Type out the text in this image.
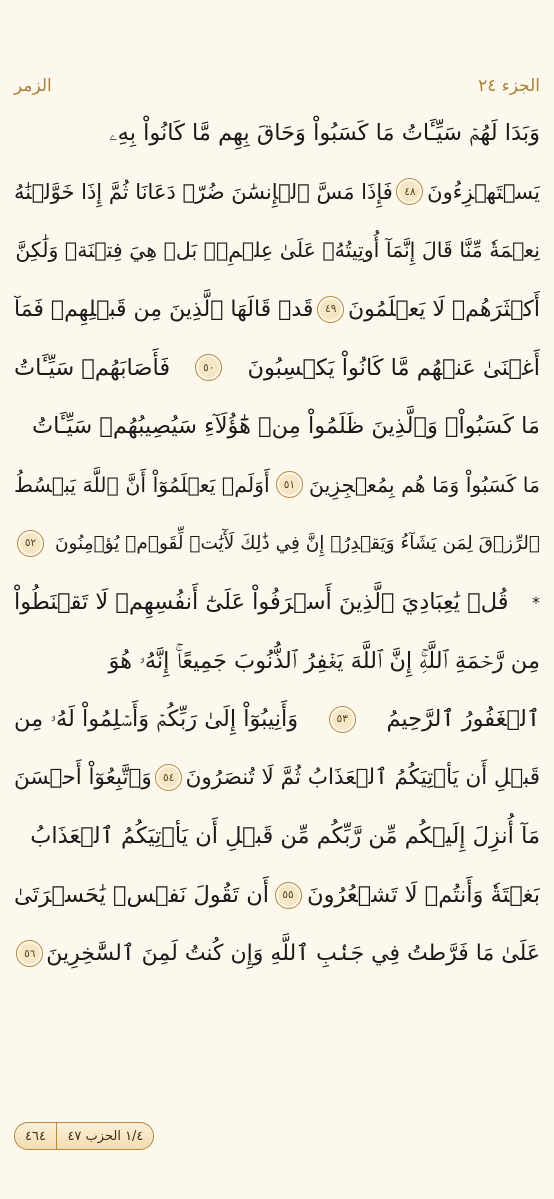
الجزء ٢٤
الزمر
وَبَدَا لَهُمۡ سَيِّـَٔاتُ مَا كَسَبُواْ وَحَاقَ بِهِم مَّا كَانُواْ بِهِۦ
يَسۡتَهۡزِءُونَ
٤٨
فَإِذَا مَسَّ ٱلۡإِنسَٰنَ ضُرّٞ دَعَانَا ثُمَّ إِذَا خَوَّلۡنَٰهُ
نِعۡمَةٗ مِّنَّا قَالَ إِنَّمَآ أُوتِيتُهُۥ عَلَىٰ عِلۡمِۭۚ بَلۡ هِيَ فِتۡنَةٞ وَلَٰكِنَّ
أَكۡثَرَهُمۡ لَا يَعۡلَمُونَ
٤٩
قَدۡ قَالَهَا ٱلَّذِينَ مِن قَبۡلِهِمۡ فَمَآ
أَغۡنَىٰ عَنۡهُم مَّا كَانُواْ يَكۡسِبُونَ
٥٠
فَأَصَابَهُمۡ سَيِّـَٔاتُ
مَا كَسَبُواْۚ وَٱلَّذِينَ ظَلَمُواْ مِنۡ هَٰٓؤُلَآءِ سَيُصِيبُهُمۡ سَيِّـَٔاتُ
مَا كَسَبُواْ وَمَا هُم بِمُعۡجِزِينَ
٥١
أَوَلَمۡ يَعۡلَمُوٓاْ أَنَّ ٱللَّهَ يَبۡسُطُ
ٱلرِّزۡقَ لِمَن يَشَآءُ وَيَقۡدِرُۚ إِنَّ فِي ذَٰلِكَ لَأٓيَٰتٖ لِّقَوۡمٖ يُؤۡمِنُونَ
٥٢
*
قُلۡ يَٰعِبَادِيَ ٱلَّذِينَ أَسۡرَفُواْ عَلَىٰٓ أَنفُسِهِمۡ لَا تَقۡنَطُواْ
مِن رَّحۡمَةِ ٱللَّهِۚ إِنَّ ٱللَّهَ يَغۡفِرُ ٱلذُّنُوبَ جَمِيعًاۚ إِنَّهُۥ هُوَ
ٱلۡغَفُورُ ٱلرَّحِيمُ
٥٣
وَأَنِيبُوٓاْ إِلَىٰ رَبِّكُمۡ وَأَسۡلِمُواْ لَهُۥ مِن
قَبۡلِ أَن يَأۡتِيَكُمُ ٱلۡعَذَابُ ثُمَّ لَا تُنصَرُونَ
٥٤
وَٱتَّبِعُوٓاْ أَحۡسَنَ
مَآ أُنزِلَ إِلَيۡكُم مِّن رَّبِّكُم مِّن قَبۡلِ أَن يَأۡتِيَكُمُ ٱلۡعَذَابُ
بَغۡتَةٗ وَأَنتُمۡ لَا تَشۡعُرُونَ
٥٥
أَن تَقُولَ نَفۡسٞ يَٰحَسۡرَتَىٰ
عَلَىٰ مَا فَرَّطتُ فِي جَنۢبِ ٱللَّهِ وَإِن كُنتُ لَمِنَ ٱلسَّٰخِرِينَ
٥٦
١/٤ الحزب ٤٧
٤٦٤
